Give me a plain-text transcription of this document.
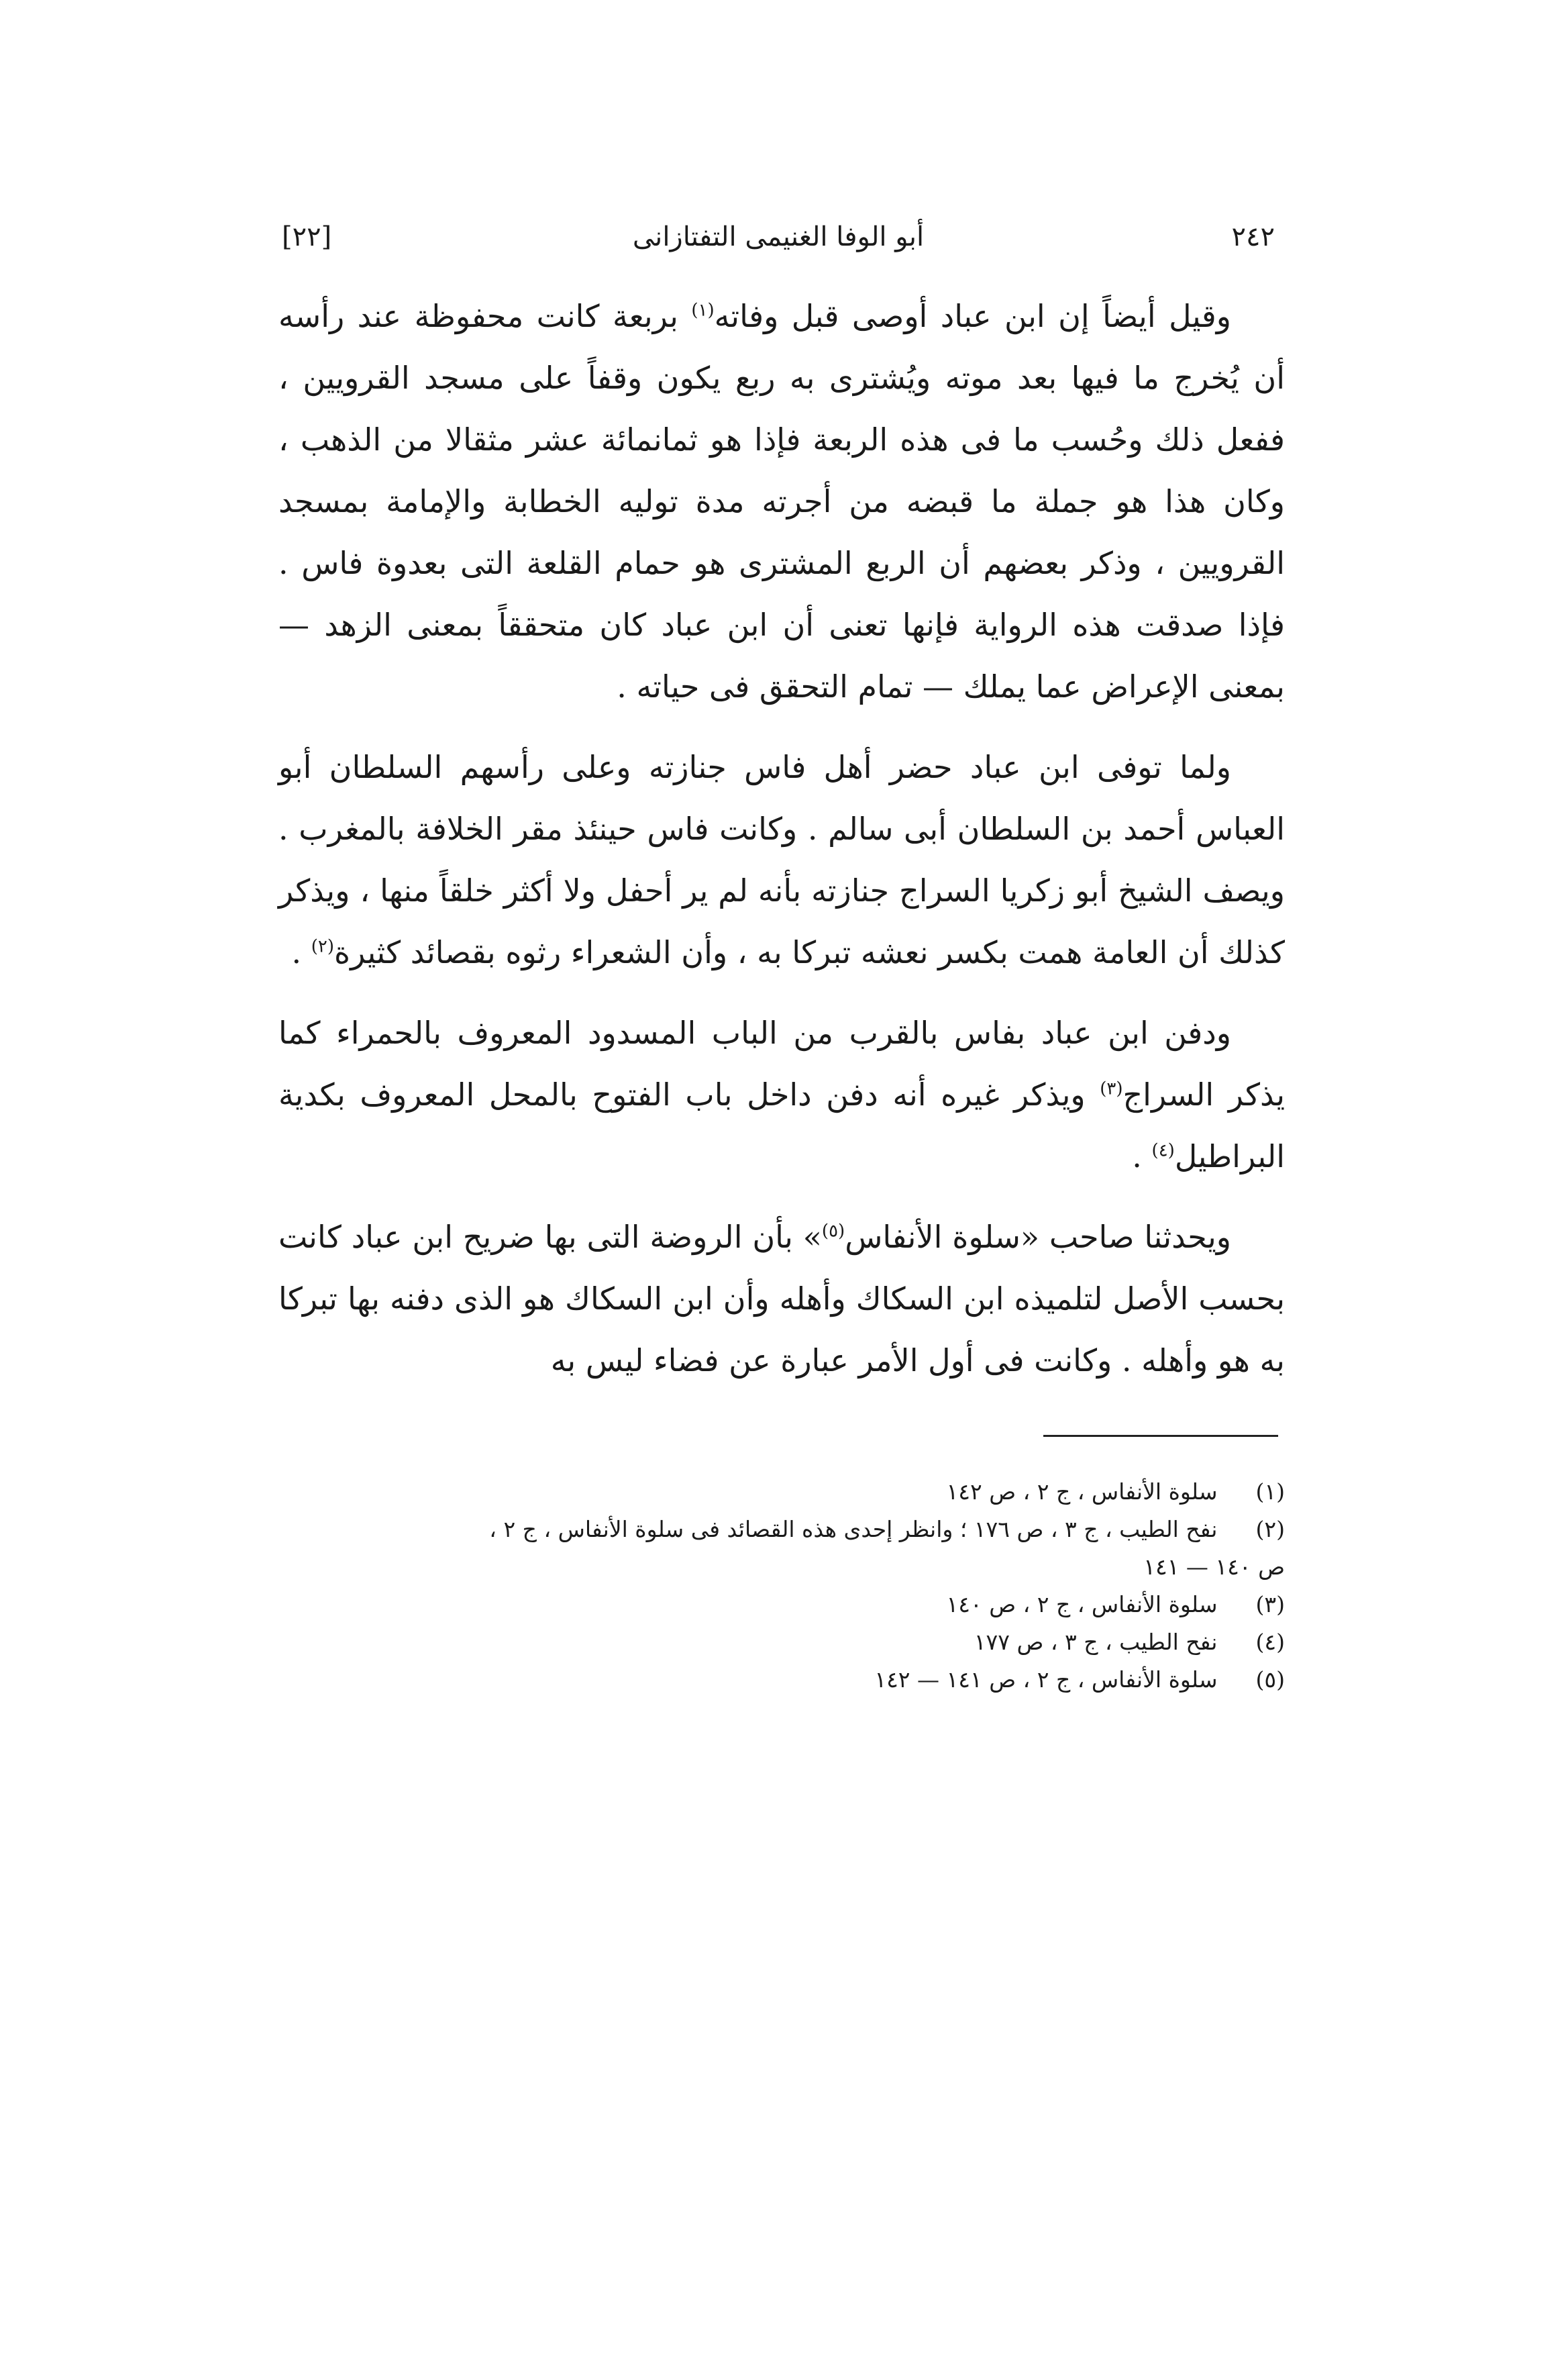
٢٤٢
أبو الوفا الغنيمى التفتازانى
[٢٢]

وقيل أيضاً إن ابن عباد أوصى قبل وفاته$^{(١)}$ بربعة كانت محفوظة عند رأسه أن يُخرج ما فيها بعد موته ويُشترى به ربع يكون وقفاً على مسجد القرويين ، ففعل ذلك وحُسب ما فى هذه الربعة فإذا هو ثمانمائة عشر مثقالا من الذهب ، وكان هذا هو جملة ما قبضه من أجرته مدة توليه الخطابة والإمامة بمسجد القرويين ، وذكر بعضهم أن الربع المشترى هو حمام القلعة التى بعدوة فاس . فإذا صدقت هذه الرواية فإنها تعنى أن ابن عباد كان متحققاً بمعنى الزهد — بمعنى الإعراض عما يملك — تمام التحقق فى حياته .

ولما توفى ابن عباد حضر أهل فاس جنازته وعلى رأسهم السلطان أبو العباس أحمد بن السلطان أبى سالم . وكانت فاس حينئذ مقر الخلافة بالمغرب . ويصف الشيخ أبو زكريا السراج جنازته بأنه لم ير أحفل ولا أكثر خلقاً منها ، ويذكر كذلك أن العامة همت بكسر نعشه تبركا به ، وأن الشعراء رثوه بقصائد كثيرة$^{(٢)}$ .

ودفن ابن عباد بفاس بالقرب من الباب المسدود المعروف بالحمراء كما يذكر السراج$^{(٣)}$ ويذكر غيره أنه دفن داخل باب الفتوح بالمحل المعروف بكدية البراطيل$^{(٤)}$ .

ويحدثنا صاحب «سلوة الأنفاس$^{(٥)}$» بأن الروضة التى بها ضريح ابن عباد كانت بحسب الأصل لتلميذه ابن السكاك وأهله وأن ابن السكاك هو الذى دفنه بها تبركا به هو وأهله . وكانت فى أول الأمر عبارة عن فضاء ليس به

(١) سلوة الأنفاس ، ج ٢ ، ص ١٤٢

(٢) نفح الطيب ، ج ٣ ، ص ١٧٦ ؛ وانظر إحدى هذه القصائد فى سلوة الأنفاس ، ج ٢ ،

ص ١٤٠ — ١٤١

(٣) سلوة الأنفاس ، ج ٢ ، ص ١٤٠

(٤) نفح الطيب ، ج ٣ ، ص ١٧٧

(٥) سلوة الأنفاس ، ج ٢ ، ص ١٤١ — ١٤٢
